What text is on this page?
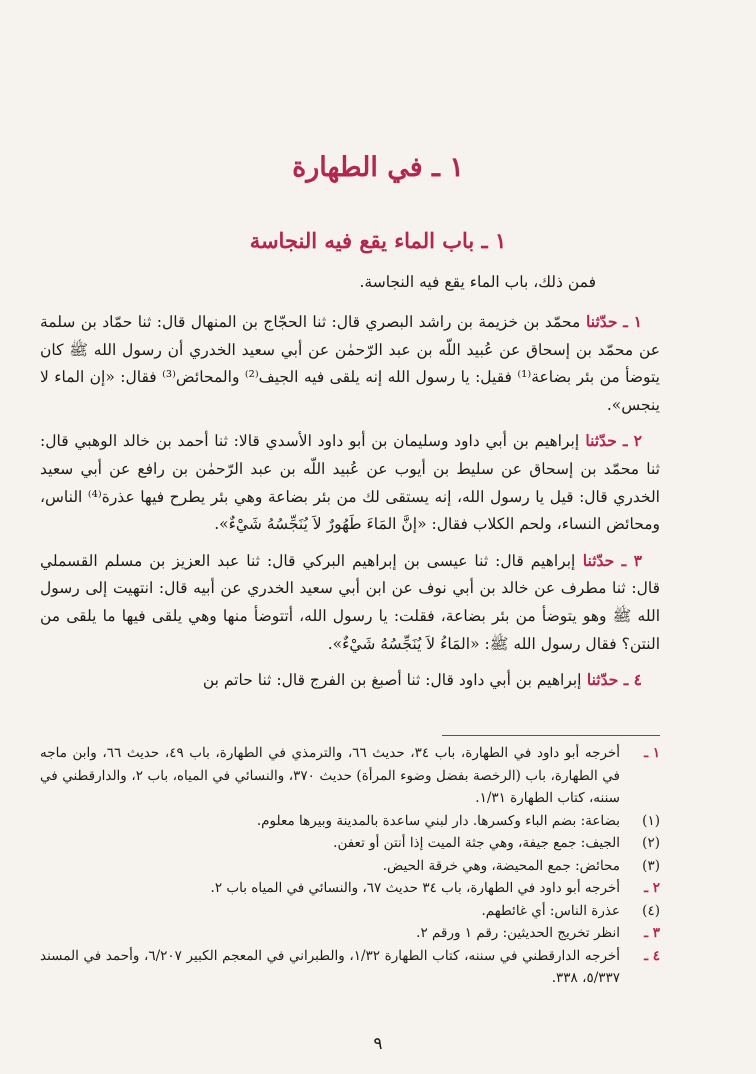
١ ـ في الطهارة
١ ـ باب الماء يقع فيه النجاسة

فمن ذلك، باب الماء يقع فيه النجاسة.

١ ـ حدّثنا محمّد بن خزيمة بن راشد البصري قال: ثنا الحجّاج بن المنهال قال: ثنا حمّاد بن سلمة عن محمّد بن إسحاق عن عُبيد اللّه بن عبد الرّحمٰن عن أبي سعيد الخدري أن رسول الله ﷺ كان يتوضأ من بئر بضاعة⁽¹⁾ فقيل: يا رسول الله إنه يلقى فيه الجيف⁽²⁾ والمحائض⁽³⁾ فقال: «إن الماء لا ينجس».

٢ ـ حدّثنا إبراهيم بن أبي داود وسليمان بن أبو داود الأسدي قالا: ثنا أحمد بن خالد الوهبي قال: ثنا محمّد بن إسحاق عن سليط بن أيوب عن عُبيد اللّه بن عبد الرّحمٰن بن رافع عن أبي سعيد الخدري قال: قيل يا رسول الله، إنه يستقى لك من بئر بضاعة وهي بئر يطرح فيها عذرة⁽⁴⁾ الناس، ومحائض النساء، ولحم الكلاب فقال: «إنَّ المَاءَ طَهُورٌ لاَ يُنَجِّسُهُ شَيْءٌ».

٣ ـ حدّثنا إبراهيم قال: ثنا عيسى بن إبراهيم البركي قال: ثنا عبد العزيز بن مسلم القسملي قال: ثنا مطرف عن خالد بن أبي نوف عن ابن أبي سعيد الخدري عن أبيه قال: انتهيت إلى رسول الله ﷺ وهو يتوضأ من بئر بضاعة، فقلت: يا رسول الله، أتتوضأ منها وهي يلقى فيها ما يلقى من النتن؟ فقال رسول الله ﷺ: «المَاءُ لاَ يُنَجِّسُهُ شَيْءٌ».

٤ ـ حدّثنا إبراهيم بن أبي داود قال: ثنا أصبغ بن الفرج قال: ثنا حاتم بن

١ ـ
أخرجه أبو داود في الطهارة، باب ٣٤، حديث ٦٦، والترمذي في الطهارة، باب ٤٩، حديث ٦٦، وابن ماجه في الطهارة، باب (الرخصة بفضل وضوء المرأة) حديث ٣٧٠، والنسائي في المياه، باب ٢، والدارقطني في سننه، كتاب الطهارة ١/٣١.

(١)
بضاعة: بضم الباء وكسرها. دار لبني ساعدة بالمدينة وبيرها معلوم.

(٢)
الجيف: جمع جيفة، وهي جثة الميت إذا أنتن أو تعفن.

(٣)
محائض: جمع المحيضة، وهي خرقة الحيض.

٢ ـ
أخرجه أبو داود في الطهارة، باب ٣٤ حديث ٦٧، والنسائي في المياه باب ٢.

(٤)
عذرة الناس: أي غائطهم.

٣ ـ
انظر تخريج الحديثين: رقم ١ ورقم ٢.

٤ ـ
أخرجه الدارقطني في سننه، كتاب الطهارة ١/٣٢، والطبراني في المعجم الكبير ٦/٢٠٧، وأحمد في المسند ٥/٣٣٧، ٣٣٨.

٩
